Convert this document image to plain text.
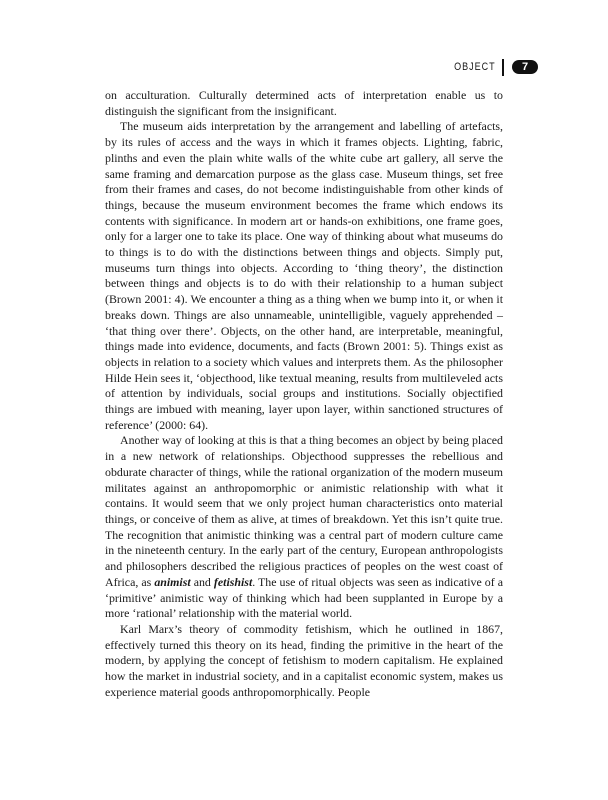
OBJECT	7

on acculturation. Culturally determined acts of interpretation enable us to distinguish the significant from the insignificant.

The museum aids interpretation by the arrangement and labelling of artefacts, by its rules of access and the ways in which it frames objects. Lighting, fabric, plinths and even the plain white walls of the white cube art gallery, all serve the same framing and demarcation purpose as the glass case. Museum things, set free from their frames and cases, do not become indistinguishable from other kinds of things, because the museum environment becomes the frame which endows its contents with significance. In modern art or hands-on exhibitions, one frame goes, only for a larger one to take its place. One way of thinking about what museums do to things is to do with the distinctions between things and objects. Simply put, museums turn things into objects. According to ‘thing theory’, the distinction between things and objects is to do with their relationship to a human subject (Brown 2001: 4). We encounter a thing as a thing when we bump into it, or when it breaks down. Things are also unnameable, unintelligible, vaguely apprehended – ‘that thing over there’. Objects, on the other hand, are interpretable, meaningful, things made into evidence, documents, and facts (Brown 2001: 5). Things exist as objects in relation to a society which values and interprets them. As the philosopher Hilde Hein sees it, ‘objecthood, like textual meaning, results from multileveled acts of attention by individuals, social groups and institutions. Socially objectified things are imbued with meaning, layer upon layer, within sanctioned structures of reference’ (2000: 64).

Another way of looking at this is that a thing becomes an object by being placed in a new network of relationships. Objecthood suppresses the rebellious and obdurate character of things, while the rational organization of the modern museum militates against an anthropomorphic or animistic relationship with what it contains. It would seem that we only project human characteristics onto material things, or conceive of them as alive, at times of breakdown. Yet this isn’t quite true. The recognition that animistic thinking was a central part of modern culture came in the nineteenth century. In the early part of the century, European anthropologists and philosophers described the religious practices of peoples on the west coast of Africa, as animist and fetishist. The use of ritual objects was seen as indicative of a ‘primitive’ animistic way of thinking which had been supplanted in Europe by a more ‘rational’ relationship with the material world.

Karl Marx’s theory of commodity fetishism, which he outlined in 1867, effectively turned this theory on its head, finding the primitive in the heart of the modern, by applying the concept of fetishism to modern capitalism. He explained how the market in industrial society, and in a capitalist economic system, makes us experience material goods anthropomorphically. People
